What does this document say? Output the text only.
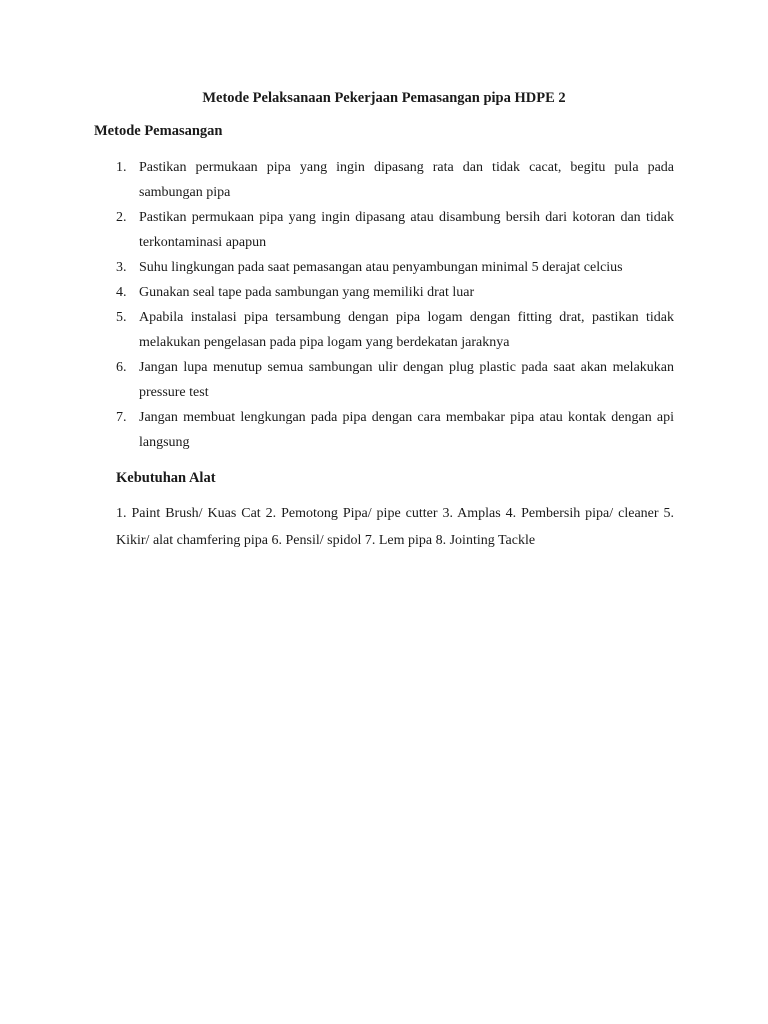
Metode Pelaksanaan Pekerjaan Pemasangan pipa HDPE 2
Metode Pemasangan
1. Pastikan permukaan pipa yang ingin dipasang rata dan tidak cacat, begitu pula pada sambungan pipa
2. Pastikan permukaan pipa yang ingin dipasang atau disambung bersih dari kotoran dan tidak terkontaminasi apapun
3. Suhu lingkungan pada saat pemasangan atau penyambungan minimal 5 derajat celcius
4. Gunakan seal tape pada sambungan yang memiliki drat luar
5. Apabila instalasi pipa tersambung dengan pipa logam dengan fitting drat, pastikan tidak melakukan pengelasan pada pipa logam yang berdekatan jaraknya
6. Jangan lupa menutup semua sambungan ulir dengan plug plastic pada saat akan melakukan pressure test
7. Jangan membuat lengkungan pada pipa dengan cara membakar pipa atau kontak dengan api langsung
Kebutuhan Alat

1. Paint Brush/ Kuas Cat 2. Pemotong Pipa/ pipe cutter 3. Amplas 4. Pembersih pipa/ cleaner 5. Kikir/ alat chamfering pipa 6. Pensil/ spidol 7. Lem pipa 8. Jointing Tackle
